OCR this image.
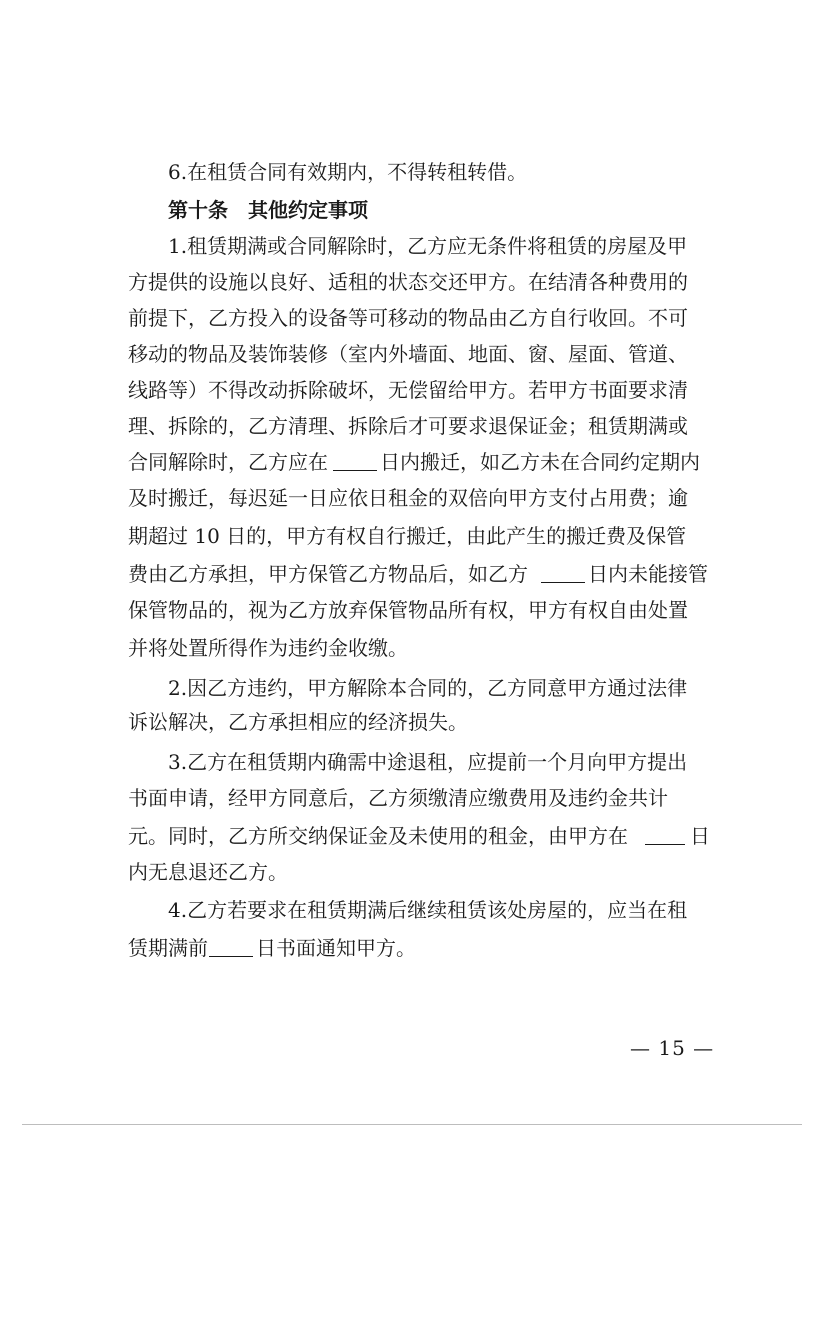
6.在租赁合同有效期内，不得转租转借。
第十条　其他约定事项
1.租赁期满或合同解除时，乙方应无条件将租赁的房屋及甲
方提供的设施以良好、适租的状态交还甲方。在结清各种费用的
前提下，乙方投入的设备等可移动的物品由乙方自行收回。不可
移动的物品及装饰装修（室内外墙面、地面、窗、屋面、管道、
线路等）不得改动拆除破坏，无偿留给甲方。若甲方书面要求清
理、拆除的，乙方清理、拆除后才可要求退保证金；租赁期满或
合同解除时，乙方应在	日内搬迁，如乙方未在合同约定期内
及时搬迁，每迟延一日应依日租金的双倍向甲方支付占用费；逾
期超过 10 日的，甲方有权自行搬迁，由此产生的搬迁费及保管
费由乙方承担，甲方保管乙方物品后，如乙方	日内未能接管
保管物品的，视为乙方放弃保管物品所有权，甲方有权自由处置
并将处置所得作为违约金收缴。
2.因乙方违约，甲方解除本合同的，乙方同意甲方通过法律
诉讼解决，乙方承担相应的经济损失。
3.乙方在租赁期内确需中途退租，应提前一个月向甲方提出
书面申请，经甲方同意后，乙方须缴清应缴费用及违约金共计
元。同时，乙方所交纳保证金及未使用的租金，由甲方在	日
内无息退还乙方。
4.乙方若要求在租赁期满后继续租赁该处房屋的，应当在租
赁期满前 日书面通知甲方。
— 15 —
